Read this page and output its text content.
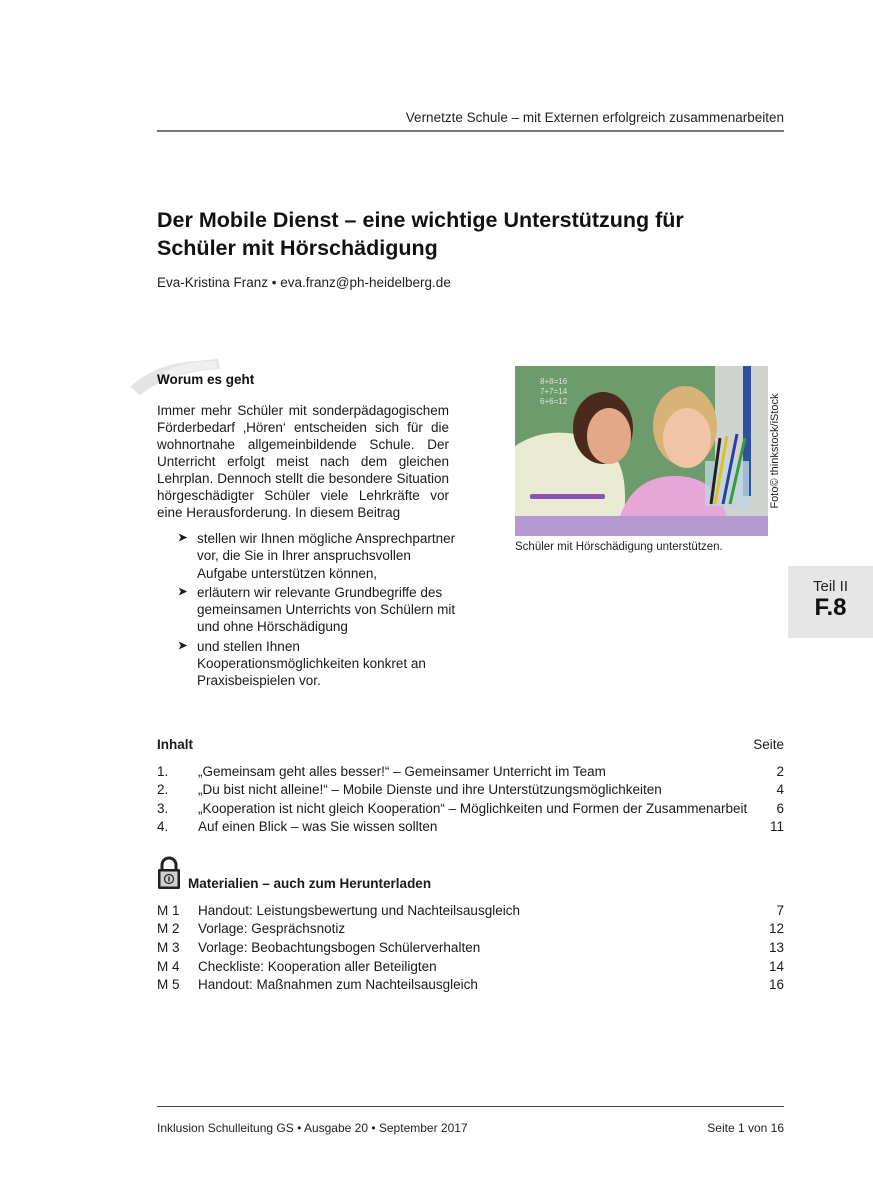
Vernetzte Schule – mit Externen erfolgreich zusammenarbeiten
Der Mobile Dienst – eine wichtige Unterstützung für Schüler mit Hörschädigung
Eva-Kristina Franz • eva.franz@ph-heidelberg.de
Worum es geht
Immer mehr Schüler mit sonderpädagogischem Förderbedarf ‚Hören‘ entscheiden sich für die wohnortnahe allgemeinbildende Schule. Der Unterricht erfolgt meist nach dem gleichen Lehrplan. Dennoch stellt die besondere Situation hörgeschädigter Schüler viele Lehrkräfte vor eine Herausforderung. In diesem Beitrag
➤ stellen wir Ihnen mögliche Ansprechpartner vor, die Sie in Ihrer anspruchsvollen Aufgabe unterstützen können,
➤ erläutern wir relevante Grundbegriffe des gemeinsamen Unterrichts von Schülern mit und ohne Hörschädigung
➤ und stellen Ihnen Kooperationsmöglichkeiten konkret an Praxisbeispielen vor.
8+8=16
7+7=14
6+6=12	Foto© thinkstock/iStock
Schüler mit Hörschädigung unterstützen.
Teil II
F.8
Inhalt	Seite
1. „Gemeinsam geht alles besser!“ – Gemeinsamer Unterricht im Team	2
2. „Du bist nicht alleine!“ – Mobile Dienste und ihre Unterstützungsmöglichkeiten	4
3. „Kooperation ist nicht gleich Kooperation“ – Möglichkeiten und Formen der Zusammenarbeit 6
4. Auf einen Blick – was Sie wissen sollten	11
Materialien – auch zum Herunterladen
M 1 Handout: Leistungsbewertung und Nachteilsausgleich	7
M 2 Vorlage: Gesprächsnotiz	12
M 3 Vorlage: Beobachtungsbogen Schülerverhalten	13
M 4 Checkliste: Kooperation aller Beteiligten	14
M 5 Handout: Maßnahmen zum Nachteilsausgleich	16
Inklusion Schulleitung GS • Ausgabe 20 • September 2017	Seite 1 von 16
